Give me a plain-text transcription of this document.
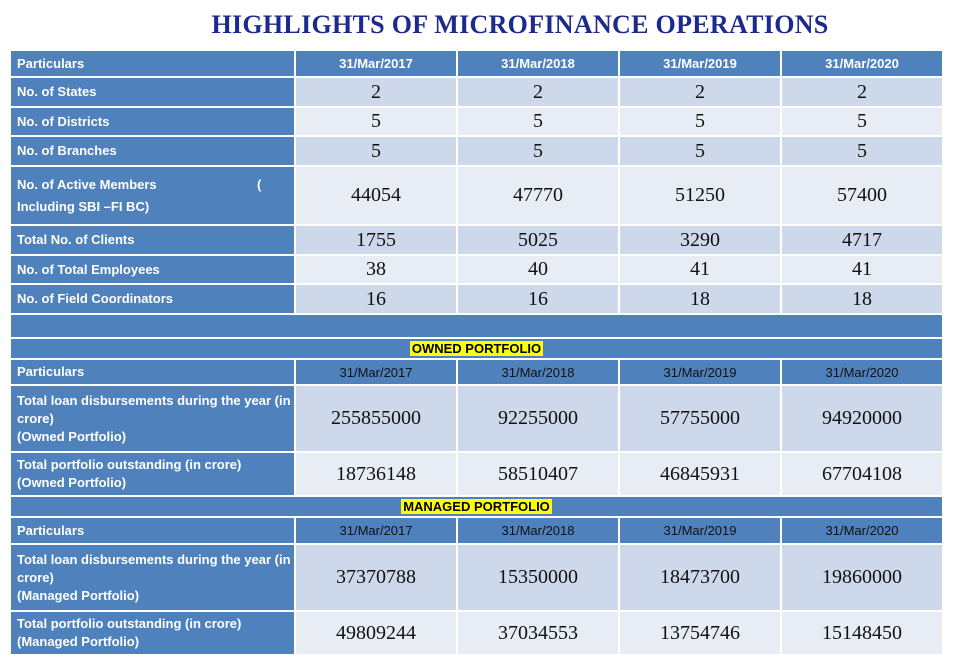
HIGHLIGHTS OF MICROFINANCE OPERATIONS
Particulars	31/Mar/2017	31/Mar/2018	31/Mar/2019	31/Mar/2020
No. of States	2	2	2	2
No. of Districts	5	5	5	5
No. of Branches	5	5	5	5

No. of Active Members (
Including SBI –FI BC)	44054	47770	51250	57400
Total No. of Clients	1755	5025	3290	4717
No. of Total Employees	38	40	41	41
No. of Field Coordinators	16	16	18	18

OWNED PORTFOLIO				
Particulars	31/Mar/2017	31/Mar/2018	31/Mar/2019	31/Mar/2020

Total loan disbursements during the year (in
crore)
(Owned Portfolio)	255855000	92255000	57755000	94920000

Total portfolio outstanding (in crore)
(Owned Portfolio)	18736148	58510407	46845931	67704108
MANAGED PORTFOLIO				
Particulars	31/Mar/2017	31/Mar/2018	31/Mar/2019	31/Mar/2020

Total loan disbursements during the year (in
crore)
(Managed Portfolio)	37370788	15350000	18473700	19860000

Total portfolio outstanding (in crore)
(Managed Portfolio)	49809244	37034553	13754746	15148450
